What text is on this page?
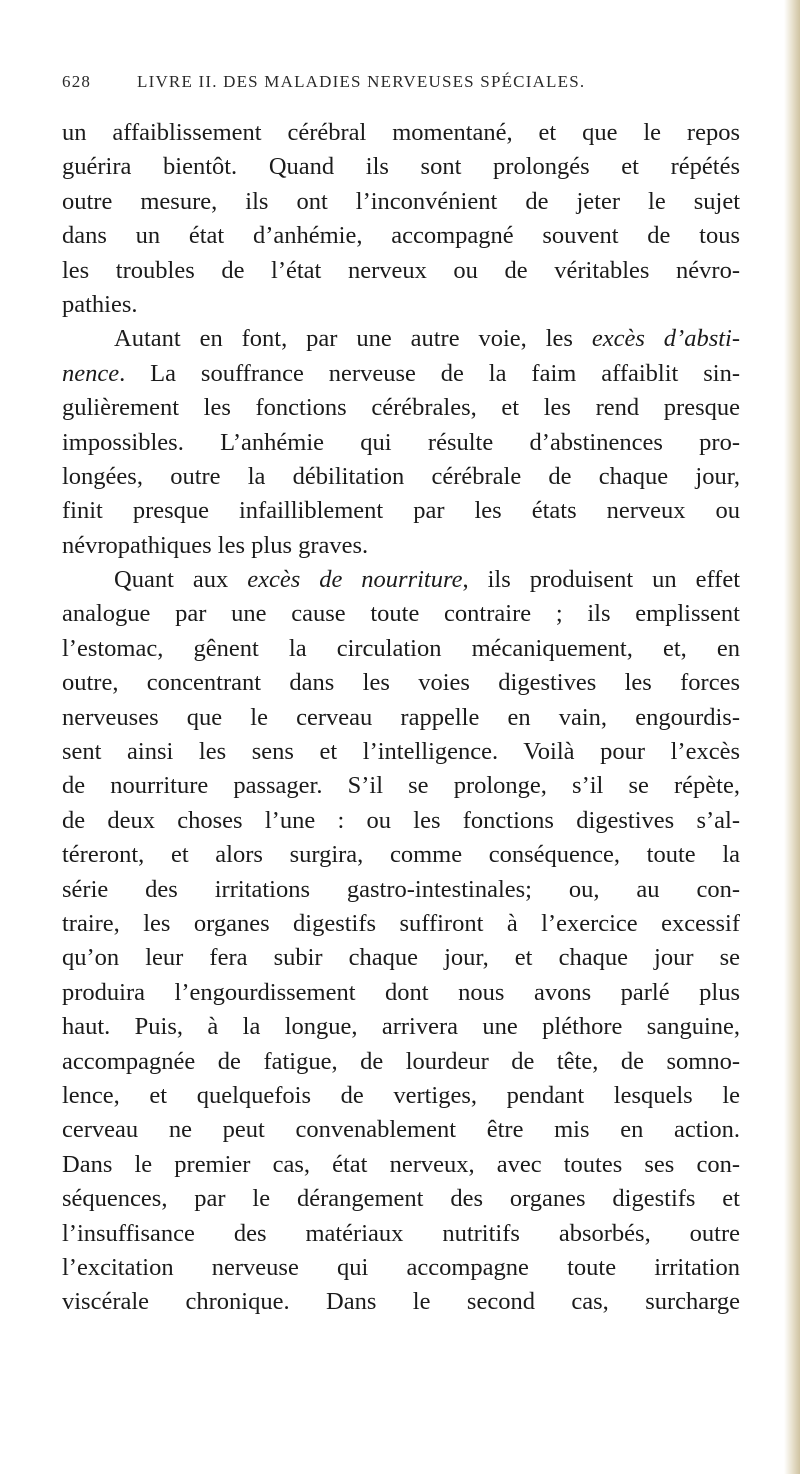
628	LIVRE II. DES MALADIES NERVEUSES SPÉCIALES.
un affaiblissement cérébral momentané, et que le repos
guérira bientôt. Quand ils sont prolongés et répétés
outre mesure, ils ont l’inconvénient de jeter le sujet
dans un état d’anhémie, accompagné souvent de tous
les troubles de l’état nerveux ou de véritables névro-
pathies.
Autant en font, par une autre voie, les excès d’absti-
nence. La souffrance nerveuse de la faim affaiblit sin-
gulièrement les fonctions cérébrales, et les rend presque
impossibles. L’anhémie qui résulte d’abstinences pro-
longées, outre la débilitation cérébrale de chaque jour,
finit presque infailliblement par les états nerveux ou
névropathiques les plus graves.
Quant aux excès de nourriture, ils produisent un effet
analogue par une cause toute contraire ; ils emplissent
l’estomac, gênent la circulation mécaniquement, et, en
outre, concentrant dans les voies digestives les forces
nerveuses que le cerveau rappelle en vain, engourdis-
sent ainsi les sens et l’intelligence. Voilà pour l’excès
de nourriture passager. S’il se prolonge, s’il se répète,
de deux choses l’une : ou les fonctions digestives s’al-
téreront, et alors surgira, comme conséquence, toute la
série des irritations gastro-intestinales; ou, au con-
traire, les organes digestifs suffiront à l’exercice excessif
qu’on leur fera subir chaque jour, et chaque jour se
produira l’engourdissement dont nous avons parlé plus
haut. Puis, à la longue, arrivera une pléthore sanguine,
accompagnée de fatigue, de lourdeur de tête, de somno-
lence, et quelquefois de vertiges, pendant lesquels le
cerveau ne peut convenablement être mis en action.
Dans le premier cas, état nerveux, avec toutes ses con-
séquences, par le dérangement des organes digestifs et
l’insuffisance des matériaux nutritifs absorbés, outre
l’excitation nerveuse qui accompagne toute irritation
viscérale chronique. Dans le second cas, surcharge
